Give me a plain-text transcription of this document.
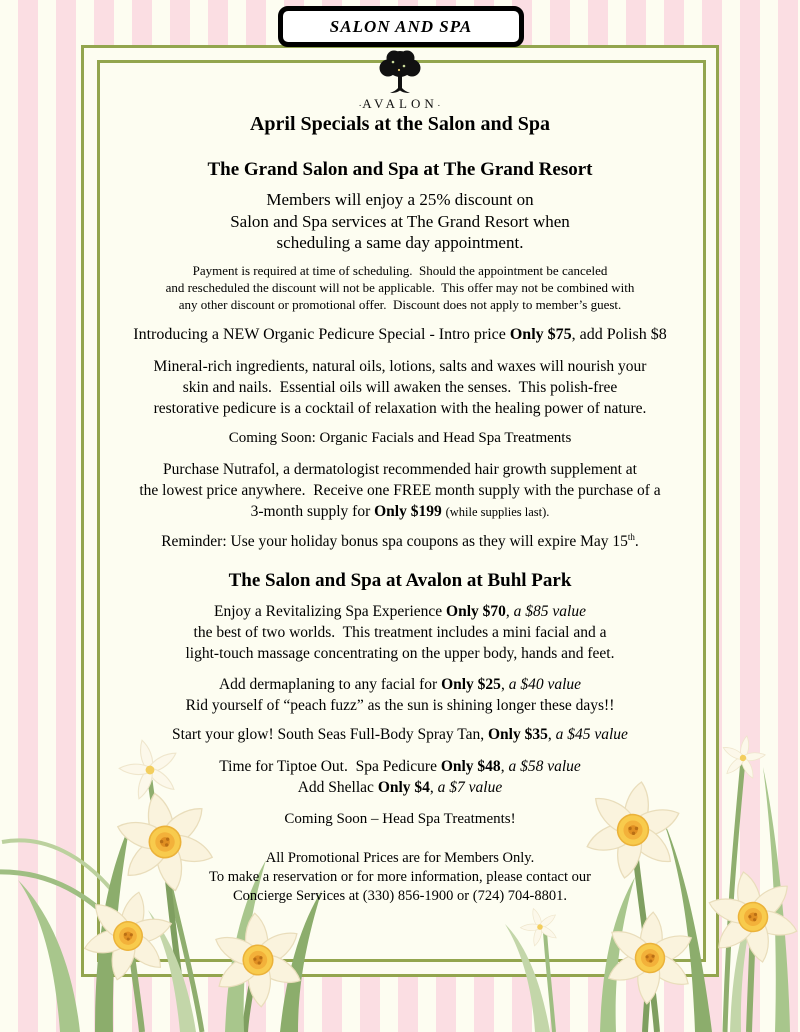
SALON AND SPA
.AVALON.
April Specials at the Salon and Spa
The Grand Salon and Spa at The Grand Resort
Members will enjoy a 25% discount on
Salon and Spa services at The Grand Resort when
scheduling a same day appointment.
Payment is required at time of scheduling.  Should the appointment be canceled
and rescheduled the discount will not be applicable.  This offer may not be combined with
any other discount or promotional offer.  Discount does not apply to member’s guest.
Introducing a NEW Organic Pedicure Special - Intro price Only $75, add Polish $8
Mineral-rich ingredients, natural oils, lotions, salts and waxes will nourish your
skin and nails.  Essential oils will awaken the senses.  This polish-free
restorative pedicure is a cocktail of relaxation with the healing power of nature.
Coming Soon: Organic Facials and Head Spa Treatments
Purchase Nutrafol, a dermatologist recommended hair growth supplement at
the lowest price anywhere.  Receive one FREE month supply with the purchase of a
3-month supply for Only $199 (while supplies last).
Reminder: Use your holiday bonus spa coupons as they will expire May 15th.
The Salon and Spa at Avalon at Buhl Park
Enjoy a Revitalizing Spa Experience Only $70, a $85 value
the best of two worlds.  This treatment includes a mini facial and a
light-touch massage concentrating on the upper body, hands and feet.
Add dermaplaning to any facial for Only $25, a $40 value
Rid yourself of “peach fuzz” as the sun is shining longer these days!!
Start your glow! South Seas Full-Body Spray Tan, Only $35, a $45 value
Time for Tiptoe Out.  Spa Pedicure Only $48, a $58 value
Add Shellac Only $4, a $7 value
Coming Soon – Head Spa Treatments!
All Promotional Prices are for Members Only.
To make a reservation or for more information, please contact our
Concierge Services at (330) 856-1900 or (724) 704-8801.
